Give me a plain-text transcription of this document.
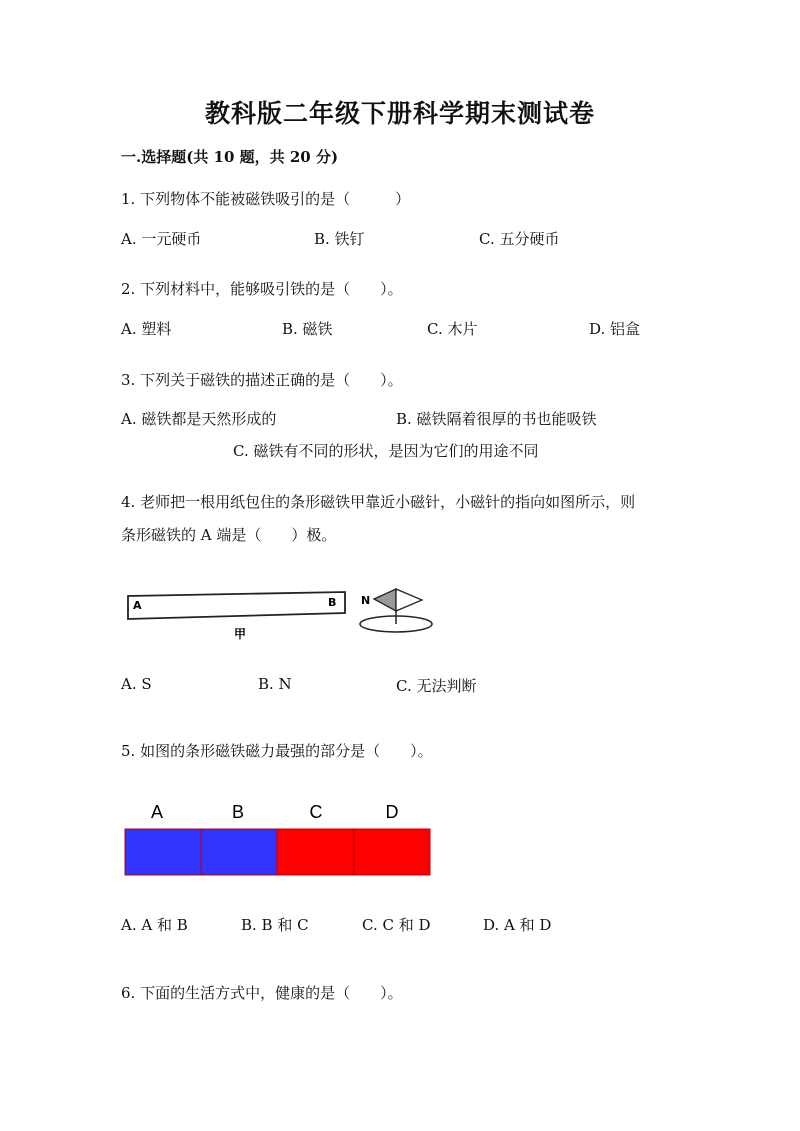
教科版二年级下册科学期末测试卷
一.选择题(共 10 题，共 20 分)
1. 下列物体不能被磁铁吸引的是（　　　）
A. 一元硬币	B. 铁钉	C. 五分硬币
2. 下列材料中，能够吸引铁的是（　　）。
A. 塑料	B. 磁铁	C. 木片	D. 铝盒
3. 下列关于磁铁的描述正确的是（　　）。
A. 磁铁都是天然形成的	B. 磁铁隔着很厚的书也能吸铁
C. 磁铁有不同的形状，是因为它们的用途不同
4. 老师把一根用纸包住的条形磁铁甲靠近小磁针，小磁针的指向如图所示，则
条形磁铁的 A 端是（　　）极。
A	B
甲
N
A. S	B. N	C. 无法判断
5. 如图的条形磁铁磁力最强的部分是（　　）。
A	B	C	D
A. A 和 B	B. B 和 C	C. C 和 D	D. A 和 D
6. 下面的生活方式中，健康的是（　　）。
